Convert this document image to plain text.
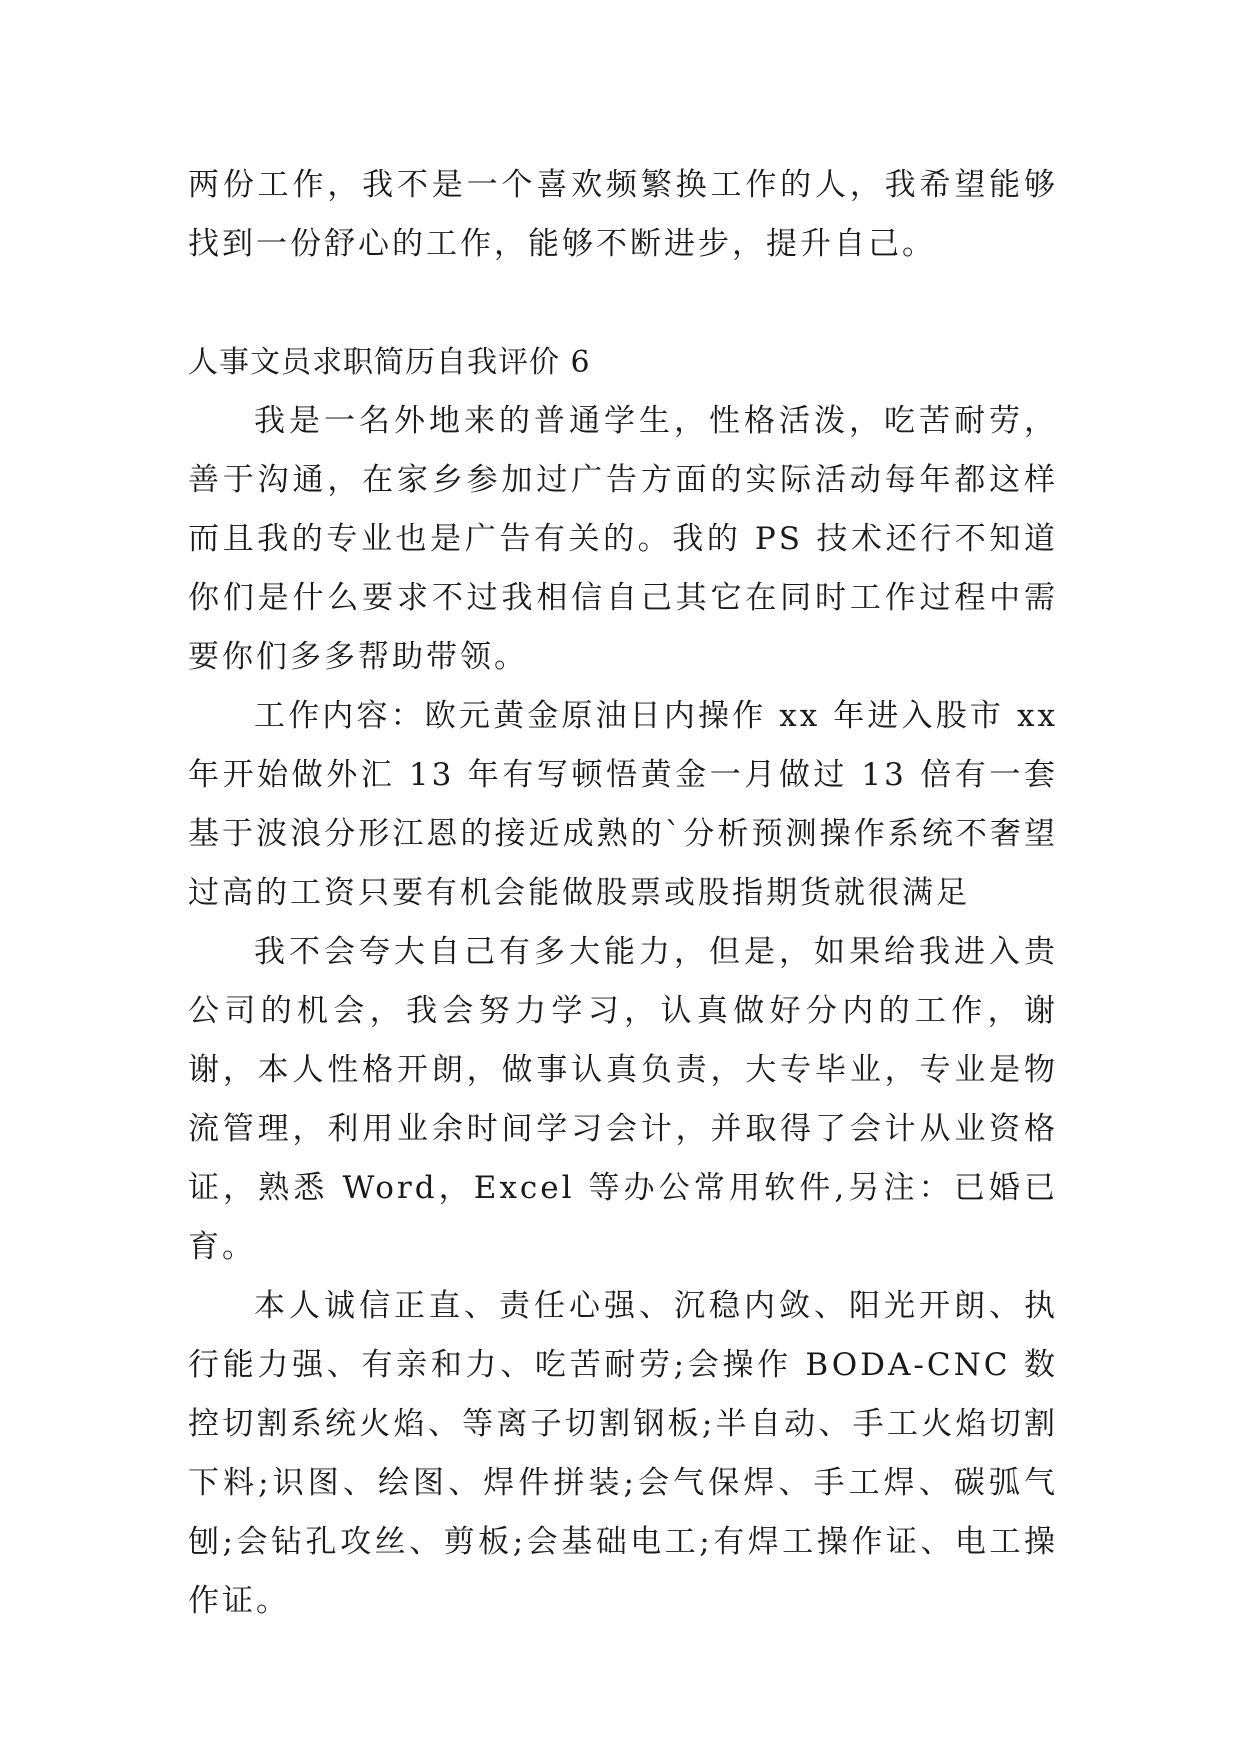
两份工作，我不是一个喜欢频繁换工作的人，我希望能够找到一份舒心的工作，能够不断进步，提升自己。

人事文员求职简历自我评价 6

我是一名外地来的普通学生，性格活泼，吃苦耐劳，善于沟通，在家乡参加过广告方面的实际活动每年都这样而且我的专业也是广告有关的。我的 PS 技术还行不知道你们是什么要求不过我相信自己其它在同时工作过程中需要你们多多帮助带领。

工作内容：欧元黄金原油日内操作 xx 年进入股市 xx 年开始做外汇 13 年有写顿悟黄金一月做过 13 倍有一套基于波浪分形江恩的接近成熟的`分析预测操作系统不奢望过高的工资只要有机会能做股票或股指期货就很满足

我不会夸大自己有多大能力，但是，如果给我进入贵公司的机会，我会努力学习，认真做好分内的工作，谢谢，本人性格开朗，做事认真负责，大专毕业，专业是物流管理，利用业余时间学习会计，并取得了会计从业资格证，熟悉 Word，Excel 等办公常用软件,另注：已婚已育。

本人诚信正直、责任心强、沉稳内敛、阳光开朗、执行能力强、有亲和力、吃苦耐劳;会操作 BODA-CNC 数控切割系统火焰、等离子切割钢板;半自动、手工火焰切割下料;识图、绘图、焊件拼装;会气保焊、手工焊、碳弧气刨;会钻孔攻丝、剪板;会基础电工;有焊工操作证、电工操作证。
